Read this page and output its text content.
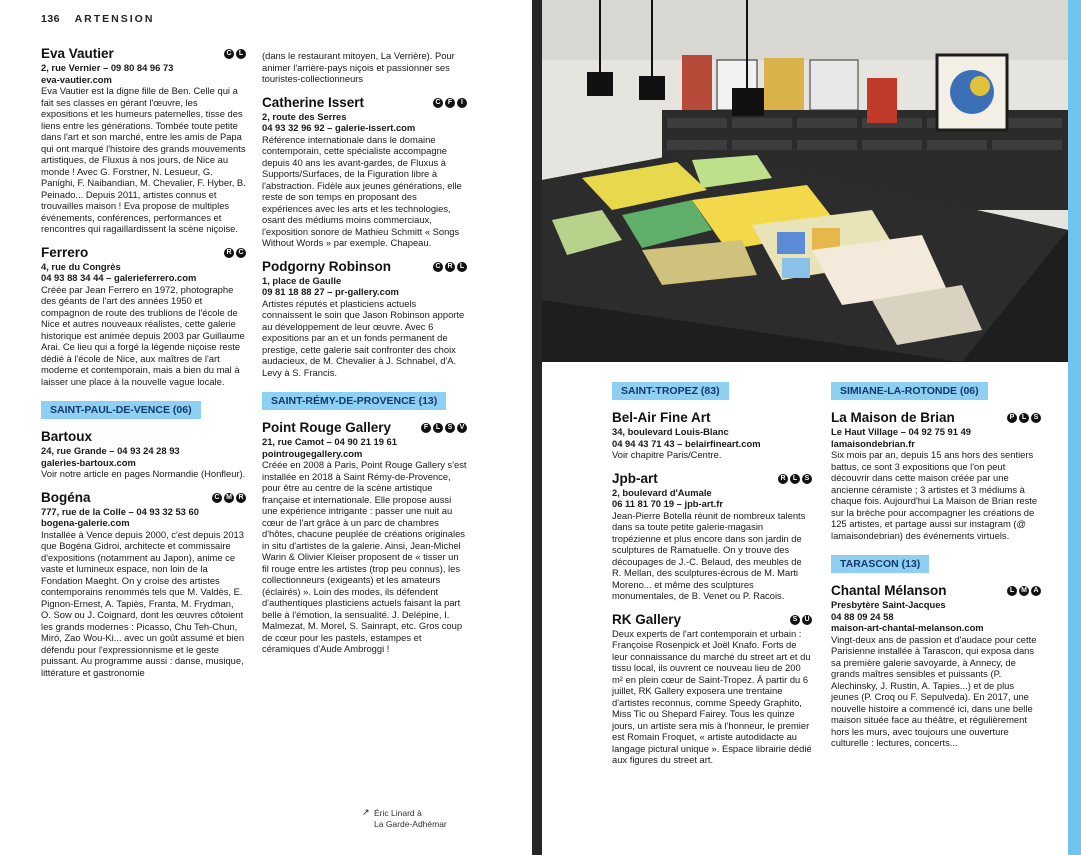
136 ARTENSION
Eva Vautier	C	L
2, rue Vernier – 09 80 84 96 73
eva-vautier.com

Eva Vautier est la digne fille de Ben. Celle qui a fait ses classes en gérant l'œuvre, les expositions et les humeurs paternelles, tisse des liens entre les générations. Tombée toute petite dans l'art et son marché, entre les amis de Papa qui ont marqué l'histoire des grands mouvements artistiques, de Fluxus à nos jours, de Nice au monde ! Avec G. Forstner, N. Lesueur, G. Panighi, F. Naibandian, M. Chevalier, F. Hyber, B. Peinado... Depuis 2011, artistes connus et trouvailles maison ! Eva propose de multiples événements, conférences, performances et rencontres qui ragaillardissent la scène niçoise.

Ferrero	R C
4, rue du Congrès
04 93 88 34 44 – galerieferrero.com

Créée par Jean Ferrero en 1972, photographe des géants de l'art des années 1950 et compagnon de route des trublions de l'école de Nice et autres nouveaux réalistes, cette galerie historique est animée depuis 2003 par Guillaume Arai. Ce lieu qui a forgé la légende niçoise reste dédié à l'école de Nice, aux maîtres de l'art moderne et contemporain, mais a bien du mal à laisser une place à la nouvelle vague locale.

SAINT-PAUL-DE-VENCE (06)
Bartoux
24, rue Grande – 04 93 24 28 93
galeries-bartoux.com

Voir notre article en pages Normandie (Honfleur).

Bogéna	C M R
777, rue de la Colle – 04 93 32 53 60
bogena-galerie.com

Installée à Vence depuis 2000, c'est depuis 2013 que Bogéna Gidroi, architecte et commissaire d'expositions (notamment au Japon), anime ce vaste et lumineux espace, non loin de la Fondation Maeght. On y croise des artistes contemporains renommés tels que M. Valdès, E. Pignon-Ernest, A. Tapiès, Franta, M. Frydman, O. Sow ou J. Coignard, dont les œuvres côtoient les grands modernes : Picasso, Chu Teh-Chun, Miró, Zao Wou-Ki... avec un goût assumé et bien défendu pour l'expressionnisme et le geste puissant. Au programme aussi : danse, musique, littérature et gastronomie

(dans le restaurant mitoyen, La Verrière). Pour animer l'arrière-pays niçois et passionner ses touristes-collectionneurs

Catherine Issert	C	F	I
2, route des Serres
04 93 32 96 92 – galerie-issert.com

Référence internationale dans le domaine contemporain, cette spécialiste accompagne depuis 40 ans les avant-gardes, de Fluxus à Supports/Surfaces, de la Figuration libre à l'abstraction. Fidèle aux jeunes générations, elle reste de son temps en proposant des expériences avec les arts et les technologies, osant des médiums moins commerciaux, l'exposition sonore de Mathieu Schmitt « Songs Without Words » par exemple. Chapeau.

Podgorny Robinson	C R	L
1, place de Gaulle
09 81 18 88 27 – pr-gallery.com

Artistes réputés et plasticiens actuels connaissent le soin que Jason Robinson apporte au développement de leur œuvre. Avec 6 expositions par an et un fonds permanent de prestige, cette galerie sait confronter des choix audacieux, de M. Chevalier à J. Schnabel, d'A. Levy à S. Francis.

SAINT-RÉMY-DE-PROVENCE (13)
Point Rouge Gallery	F	L	S	V
21, rue Camot – 04 90 21 19 61
pointrougegallery.com

Créée en 2008 à Paris, Point Rouge Gallery s'est installée en 2018 à Saint Rémy-de-Provence, pour être au centre de la scène artistique française et internationale. Elle propose aussi une expérience intrigante : passer une nuit au cœur de l'art grâce à un parc de chambres d'hôtes, chacune peuplée de créations originales in situ d'artistes de la galerie. Ainsi, Jean-Michel Warin & Olivier Kleiser proposent de « tisser un fil rouge entre les artistes (trop peu connus), les collectionneurs (exigeants) et les amateurs (éclairés) ». Loin des modes, ils défendent d'authentiques plasticiens actuels faisant la part belle à l'émotion, la sensualité. J. Delépine, I. Malmezat, M. Morel, S. Sainrapt, etc. Gros coup de cœur pour les pastels, estampes et céramiques d'Aude Ambroggi !

↗ Éric Linard à
La Garde-Adhémar
SAINT-TROPEZ (83)
Bel-Air Fine Art
34, boulevard Louis-Blanc
04 94 43 71 43 – belairfineart.com

Voir chapitre Paris/Centre.

Jpb-art	R	L	S
2, boulevard d'Aumale
06 11 81 70 19 – jpb-art.fr

Jean-Pierre Botella réunit de nombreux talents dans sa toute petite galerie-magasin tropézienne et plus encore dans son jardin de sculptures de Ramatuelle. On y trouve des découpages de J.-C. Belaud, des meubles de R. Mellan, des sculptures-écrous de M. Marti Moreno... et même des sculptures monumentales, de B. Venet ou P. Racois.

RK Gallery	S	U

Deux experts de l'art contemporain et urbain : Françoise Rosenpick et Joël Knafo. Forts de leur connaissance du marché du street art et du tissu local, ils ouvrent ce nouveau lieu de 200 m² en plein cœur de Saint-Tropez. À partir du 6 juillet, RK Gallery exposera une trentaine d'artistes reconnus, comme Speedy Graphito, Miss Tic ou Shepard Fairey. Tous les quinze jours, un artiste sera mis à l'honneur, le premier est Romain Froquet, « artiste autodidacte au langage pictural unique ». Espace librairie dédié aux figures du street art.

SIMIANE-LA-ROTONDE (06)
La Maison de Brian	P	L	S
Le Haut Village – 04 92 75 91 49
lamaisondebrian.fr

Six mois par an, depuis 15 ans hors des sentiers battus, ce sont 3 expositions que l'on peut découvrir dans cette maison créée par une ancienne céramiste ; 3 artistes et 3 médiums à chaque fois. Aujourd'hui La Maison de Brian reste sur la brèche pour accompagner les créations de 125 artistes, et partage aussi sur instagram (@ lamaisondebrian) des événements virtuels.

TARASCON (13)
Chantal Mélanson	L M A
Presbytère Saint-Jacques
04 88 09 24 58
maison-art-chantal-melanson.com

Vingt-deux ans de passion et d'audace pour cette Parisienne installée à Tarascon, qui exposa dans sa première galerie savoyarde, à Annecy, de grands maîtres sensibles et puissants (P. Alechinsky, J. Rustin, A. Tapies...) et de plus jeunes (P. Croq ou F. Sepulveda). En 2017, une nouvelle histoire a commencé ici, dans une belle maison située face au théâtre, et régulièrement hors les murs, avec toujours une ouverture culturelle : lectures, concerts...
